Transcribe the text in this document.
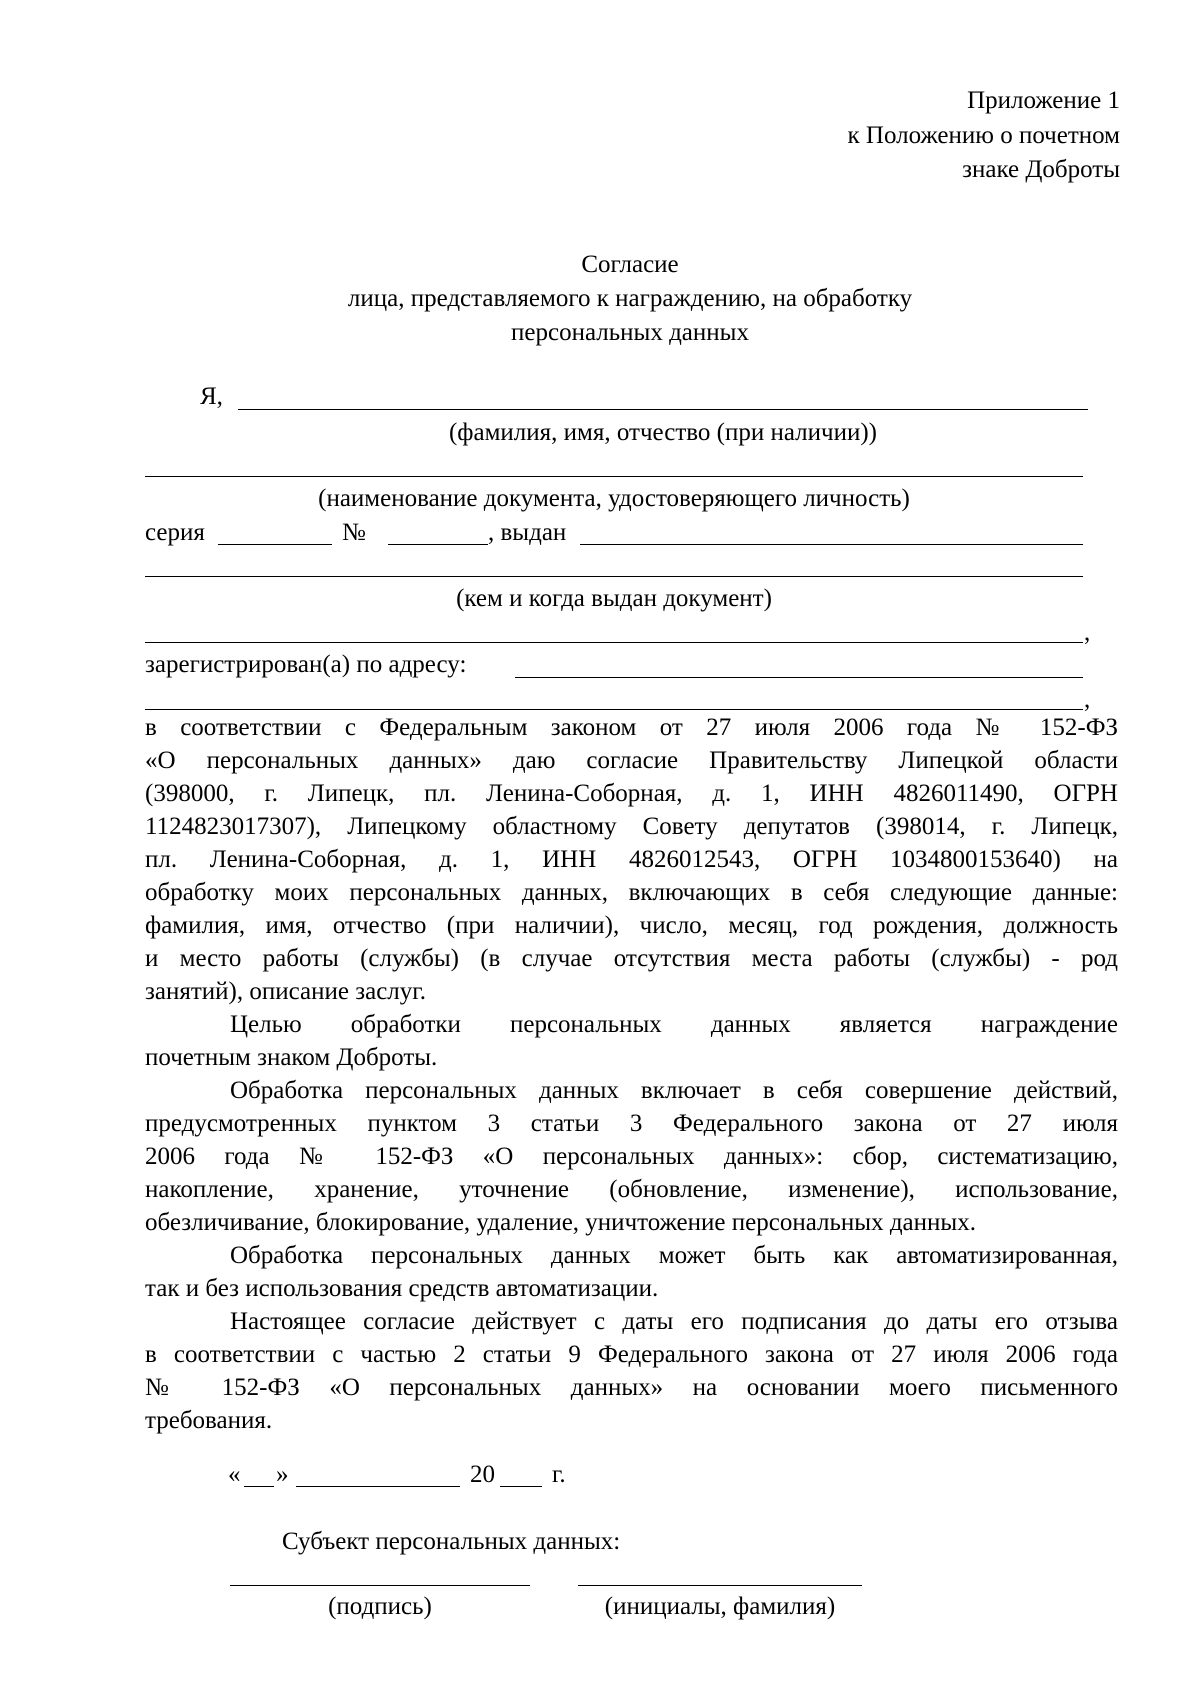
Приложение 1
к Положению о почетном
знаке Доброты
Согласие
лица, представляемого к награждению, на обработку
персональных данных
Я,
(фамилия, имя, отчество (при наличии))
(наименование документа, удостоверяющего личность)
серия	№	, выдан
(кем и когда выдан документ)
,
зарегистрирован(а) по адресу:
,
в соответствии с Федеральным законом от 27 июля 2006 года № 152-ФЗ
«О персональных данных» даю согласие Правительству Липецкой области
(398000, г. Липецк, пл. Ленина-Соборная, д. 1, ИНН 4826011490, ОГРН
1124823017307), Липецкому областному Совету депутатов (398014, г. Липецк,
пл. Ленина-Соборная, д. 1, ИНН 4826012543, ОГРН 1034800153640) на
обработку моих персональных данных, включающих в себя следующие данные:
фамилия, имя, отчество (при наличии), число, месяц, год рождения, должность
и место работы (службы) (в случае отсутствия места работы (службы) - род
занятий), описание заслуг.
Целью обработки персональных данных является награждение
почетным знаком Доброты.
Обработка персональных данных включает в себя совершение действий,
предусмотренных пунктом 3 статьи 3 Федерального закона от 27 июля
2006 года № 152-ФЗ «О персональных данных»: сбор, систематизацию,
накопление, хранение, уточнение (обновление, изменение), использование,
обезличивание, блокирование, удаление, уничтожение персональных данных.
Обработка персональных данных может быть как автоматизированная,
так и без использования средств автоматизации.
Настоящее согласие действует с даты его подписания до даты его отзыва
в соответствии с частью 2 статьи 9 Федерального закона от 27 июля 2006 года
№ 152-ФЗ «О персональных данных» на основании моего письменного
требования.
« »	20 г.
Субъект персональных данных:
(подпись)	(инициалы, фамилия)
